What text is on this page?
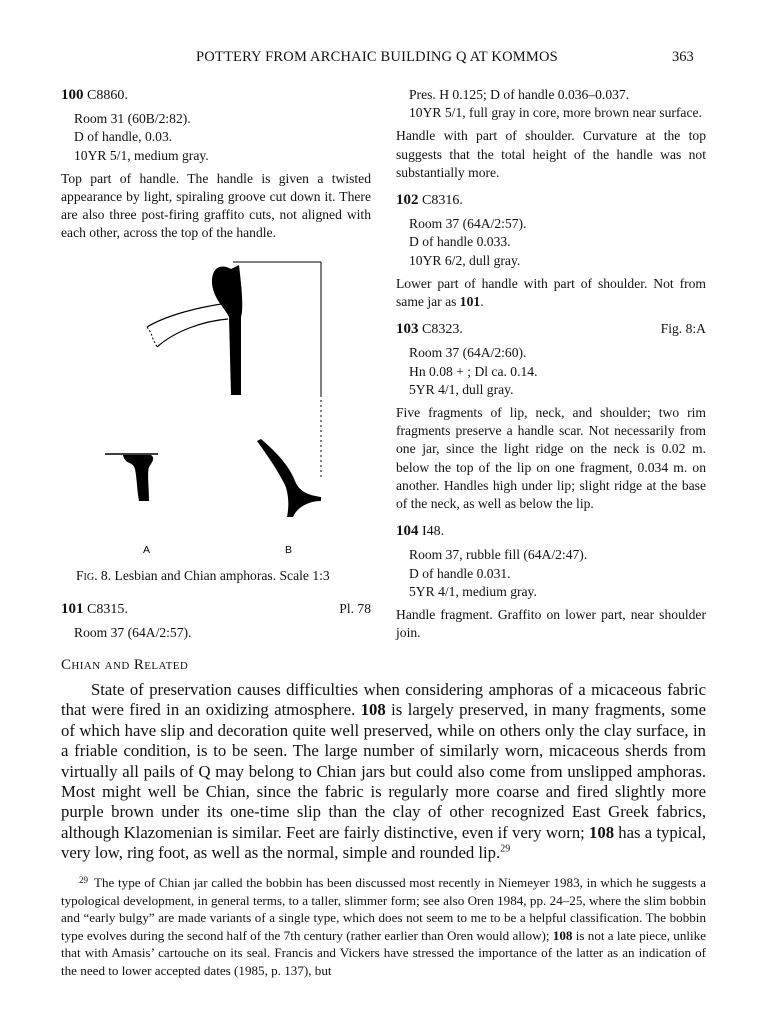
POTTERY FROM ARCHAIC BUILDING Q AT KOMMOS	363

100 C8860.

Room 31 (60B/2:82).

D of handle, 0.03.

10YR 5/1, medium gray.

Top part of handle. The handle is given a twisted appearance by light, spiraling groove cut down it. There are also three post-firing graffito cuts, not aligned with each other, across the top of the handle.

A	B
Fig. 8. Lesbian and Chian amphoras. Scale 1:3

101 C8315.	Pl. 78

Room 37 (64A/2:57).

Pres. H 0.125; D of handle 0.036–0.037.

10YR 5/1, full gray in core, more brown near surface.

Handle with part of shoulder. Curvature at the top suggests that the total height of the handle was not substantially more.

102 C8316.

Room 37 (64A/2:57).

D of handle 0.033.

10YR 6/2, dull gray.

Lower part of handle with part of shoulder. Not from same jar as 101.

103 C8323.	Fig. 8:A

Room 37 (64A/2:60).

Hn 0.08 + ; Dl ca. 0.14.

5YR 4/1, dull gray.

Five fragments of lip, neck, and shoulder; two rim fragments preserve a handle scar. Not necessarily from one jar, since the light ridge on the neck is 0.02 m. below the top of the lip on one fragment, 0.034 m. on another. Handles high under lip; slight ridge at the base of the neck, as well as below the lip.

104 I48.

Room 37, rubble fill (64A/2:47).

D of handle 0.031.

5YR 4/1, medium gray.

Handle fragment. Graffito on lower part, near shoulder join.

Chian and Related
State of preservation causes difficulties when considering amphoras of a micaceous fabric that were fired in an oxidizing atmosphere. 108 is largely preserved, in many fragments, some of which have slip and decoration quite well preserved, while on others only the clay surface, in a friable condition, is to be seen. The large number of similarly worn, micaceous sherds from virtually all pails of Q may belong to Chian jars but could also come from unslipped amphoras. Most might well be Chian, since the fabric is regularly more coarse and fired slightly more purple brown under its one-time slip than the clay of other recognized East Greek fabrics, although Klazomenian is similar. Feet are fairly distinctive, even if very worn; 108 has a typical, very low, ring foot, as well as the normal, simple and rounded lip.$^{29}$
$^{29}$ The type of Chian jar called the bobbin has been discussed most recently in Niemeyer 1983, in which he suggests a typological development, in general terms, to a taller, slimmer form; see also Oren 1984, pp. 24–25, where the slim bobbin and “early bulgy” are made variants of a single type, which does not seem to me to be a helpful classification. The bobbin type evolves during the second half of the 7th century (rather earlier than Oren would allow); 108 is not a late piece, unlike that with Amasis’ cartouche on its seal. Francis and Vickers have stressed the importance of the latter as an indication of the need to lower accepted dates (1985, p. 137), but
